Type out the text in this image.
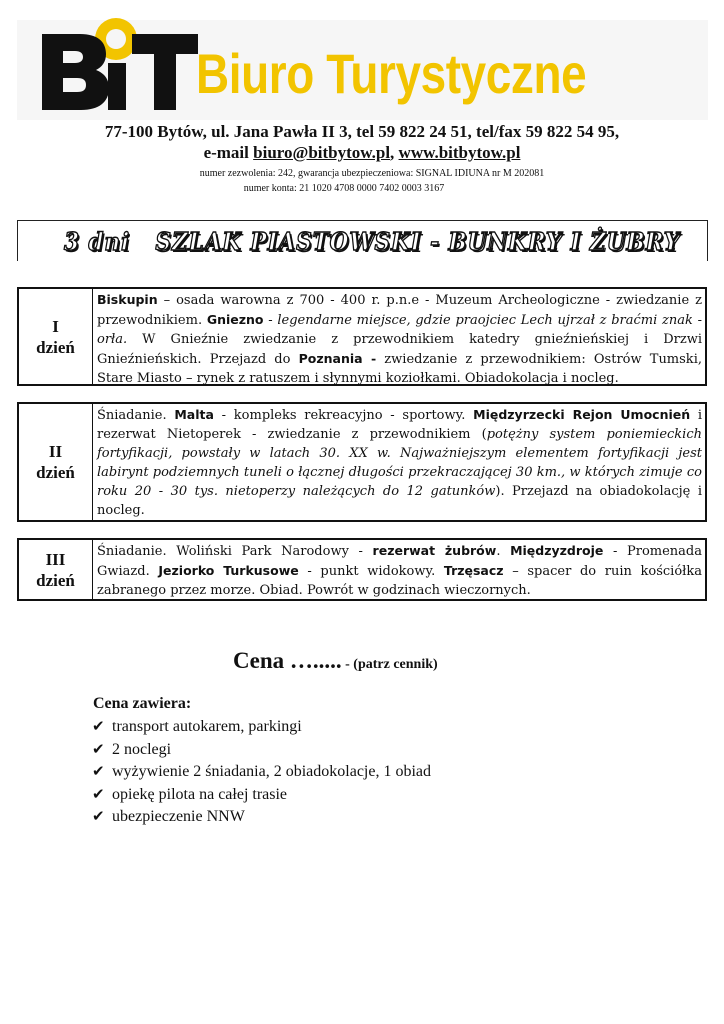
Biuro Turystyczne
77-100 Bytów, ul. Jana Pawła II 3, tel 59 822 24 51, tel/fax 59 822 54 95,
e-mail biuro@bitbytow.pl, www.bitbytow.pl
numer zezwolenia: 242, gwarancja ubezpieczeniowa: SIGNAL IDIUNA nr M 202081
numer konta: 21 1020 4708 0000 7402 0003 3167
3 dni SZLAK PIASTOWSKI - BUNKRY I ŻUBRY
I
dzień
Biskupin – osada warowna z 700 - 400 r. p.n.e - Muzeum Archeologiczne - zwiedzanie z przewodnikiem. Gniezno - legendarne miejsce, gdzie praojciec Lech ujrzał z braćmi znak - orła. W Gnieźnie zwiedzanie z przewodnikiem katedry gnieźnieńskiej i Drzwi Gnieźnieńskich. Przejazd do Poznania - zwiedzanie z przewodnikiem: Ostrów Tumski, Stare Miasto – rynek z ratuszem i słynnymi koziołkami. Obiadokolacja i nocleg.
II
dzień
Śniadanie. Malta - kompleks rekreacyjno - sportowy. Międzyrzecki Rejon Umocnień i rezerwat Nietoperek - zwiedzanie z przewodnikiem (potężny system poniemieckich fortyfikacji, powstały w latach 30. XX w. Najważniejszym elementem fortyfikacji jest labirynt podziemnych tuneli o łącznej długości przekraczającej 30 km., w których zimuje co roku 20 - 30 tys. nietoperzy należących do 12 gatunków). Przejazd na obiadokolację i nocleg.
III
dzień
Śniadanie. Woliński Park Narodowy - rezerwat żubrów. Międzyzdroje - Promenada Gwiazd. Jeziorko Turkusowe - punkt widokowy. Trzęsacz – spacer do ruin kościółka zabranego przez morze. Obiad. Powrót w godzinach wieczornych.
Cena …..... - (patrz cennik)
Cena zawiera:
✔ transport autokarem, parkingi
✔ 2 noclegi
✔ wyżywienie 2 śniadania, 2 obiadokolacje, 1 obiad
✔ opiekę pilota na całej trasie
✔ ubezpieczenie NNW
